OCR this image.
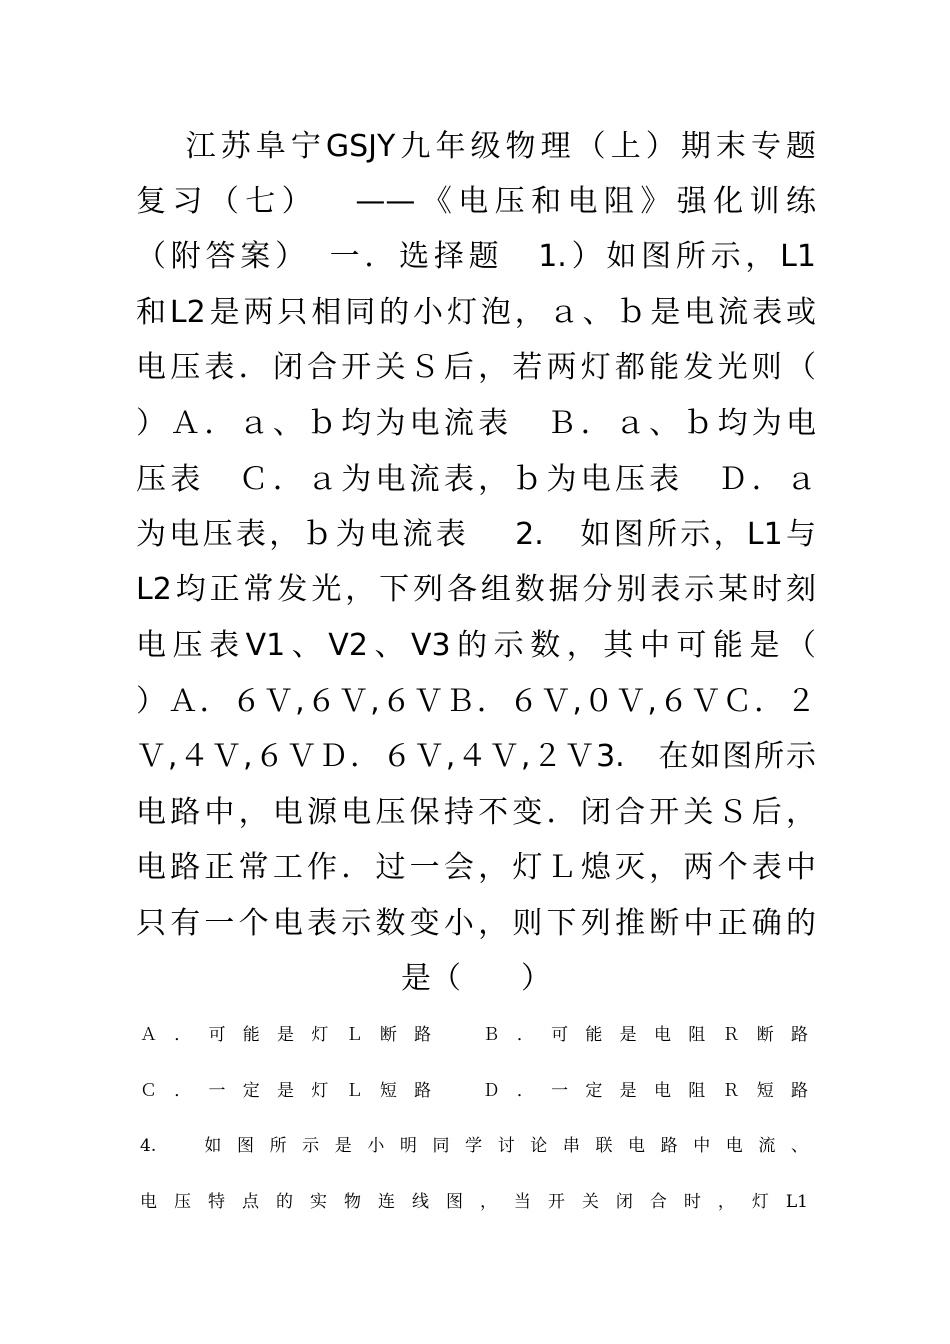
　 江苏阜宁GSJY九年级物理（上）期末专题
复习（七）　 ——《电压和电阻》强化训练
（附答案）　一．选择题　1.）如图所示，L1
和L2是两只相同的小灯泡，ａ、ｂ是电流表或
电压表．闭合开关Ｓ后，若两灯都能发光则（
）Ａ．ａ、ｂ均为电流表　Ｂ．ａ、ｂ均为电
压表　Ｃ．ａ为电流表，ｂ为电压表　Ｄ．ａ
为电压表，ｂ为电流表　 2.　如图所示，L1与
L2均正常发光，下列各组数据分别表示某时刻
电压表V1、V2、V3的示数，其中可能是（
）Ａ．６Ｖ,６Ｖ,６ＶＢ．６Ｖ,０Ｖ,６ＶＣ．２
Ｖ,４Ｖ,６ＶＤ．６Ｖ,４Ｖ,２Ｖ3.　在如图所示
电路中，电源电压保持不变．闭合开关Ｓ后，
电路正常工作．过一会，灯Ｌ熄灭，两个表中
只有一个电表示数变小，则下列推断中正确的
是（　　）
Ａ．可能是灯Ｌ断路　Ｂ．可能是电阻Ｒ断路
Ｃ．一定是灯Ｌ短路　Ｄ．一定是电阻Ｒ短路
4.　如图所示是小明同学讨论串联电路中电流、
电压特点的实物连线图，当开关闭合时，灯L1
